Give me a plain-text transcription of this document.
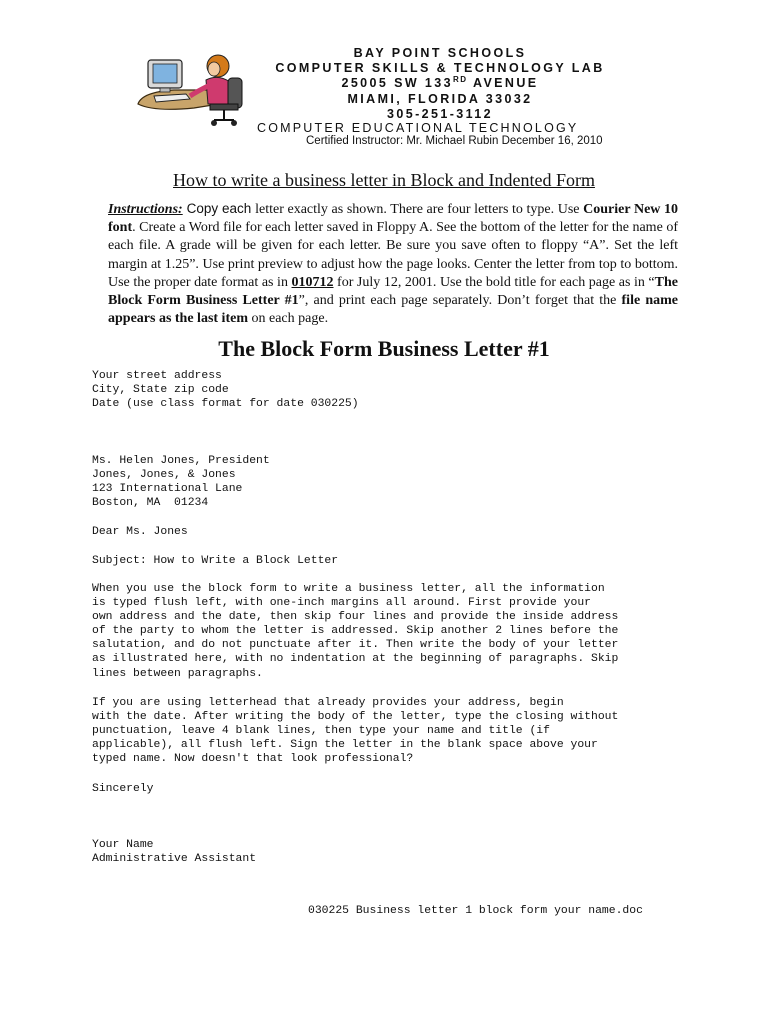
BAY POINT SCHOOLS
COMPUTER SKILLS & TECHNOLOGY LAB
25005 SW 133RD AVENUE
MIAMI, FLORIDA 33032
305-251-3112
COMPUTER EDUCATIONAL TECHNOLOGY
Certified Instructor: Mr. Michael Rubin December 16, 2010
How to write a business letter in Block and Indented Form
Instructions: Copy each letter exactly as shown. There are four letters to type. Use Courier New 10 font. Create a Word file for each letter saved in Floppy A. See the bottom of the letter for the name of each file. A grade will be given for each letter. Be sure you save often to floppy “A”. Set the left margin at 1.25”. Use print preview to adjust how the page looks. Center the letter from top to bottom. Use the proper date format as in 010712 for July 12, 2001. Use the bold title for each page as in “The Block Form Business Letter #1”, and print each page separately. Don’t forget that the file name appears as the last item on each page.
The Block Form Business Letter #1
Your street address
City, State zip code
Date (use class format for date 030225)
Ms. Helen Jones, President
Jones, Jones, & Jones
123 International Lane
Boston, MA  01234
Dear Ms. Jones
Subject: How to Write a Block Letter
When you use the block form to write a business letter, all the information
is typed flush left, with one-inch margins all around. First provide your
own address and the date, then skip four lines and provide the inside address
of the party to whom the letter is addressed. Skip another 2 lines before the
salutation, and do not punctuate after it. Then write the body of your letter
as illustrated here, with no indentation at the beginning of paragraphs. Skip
lines between paragraphs.
If you are using letterhead that already provides your address, begin
with the date. After writing the body of the letter, type the closing without
punctuation, leave 4 blank lines, then type your name and title (if
applicable), all flush left. Sign the letter in the blank space above your
typed name. Now doesn't that look professional?
Sincerely
Your Name
Administrative Assistant
030225 Business letter 1 block form your name.doc
